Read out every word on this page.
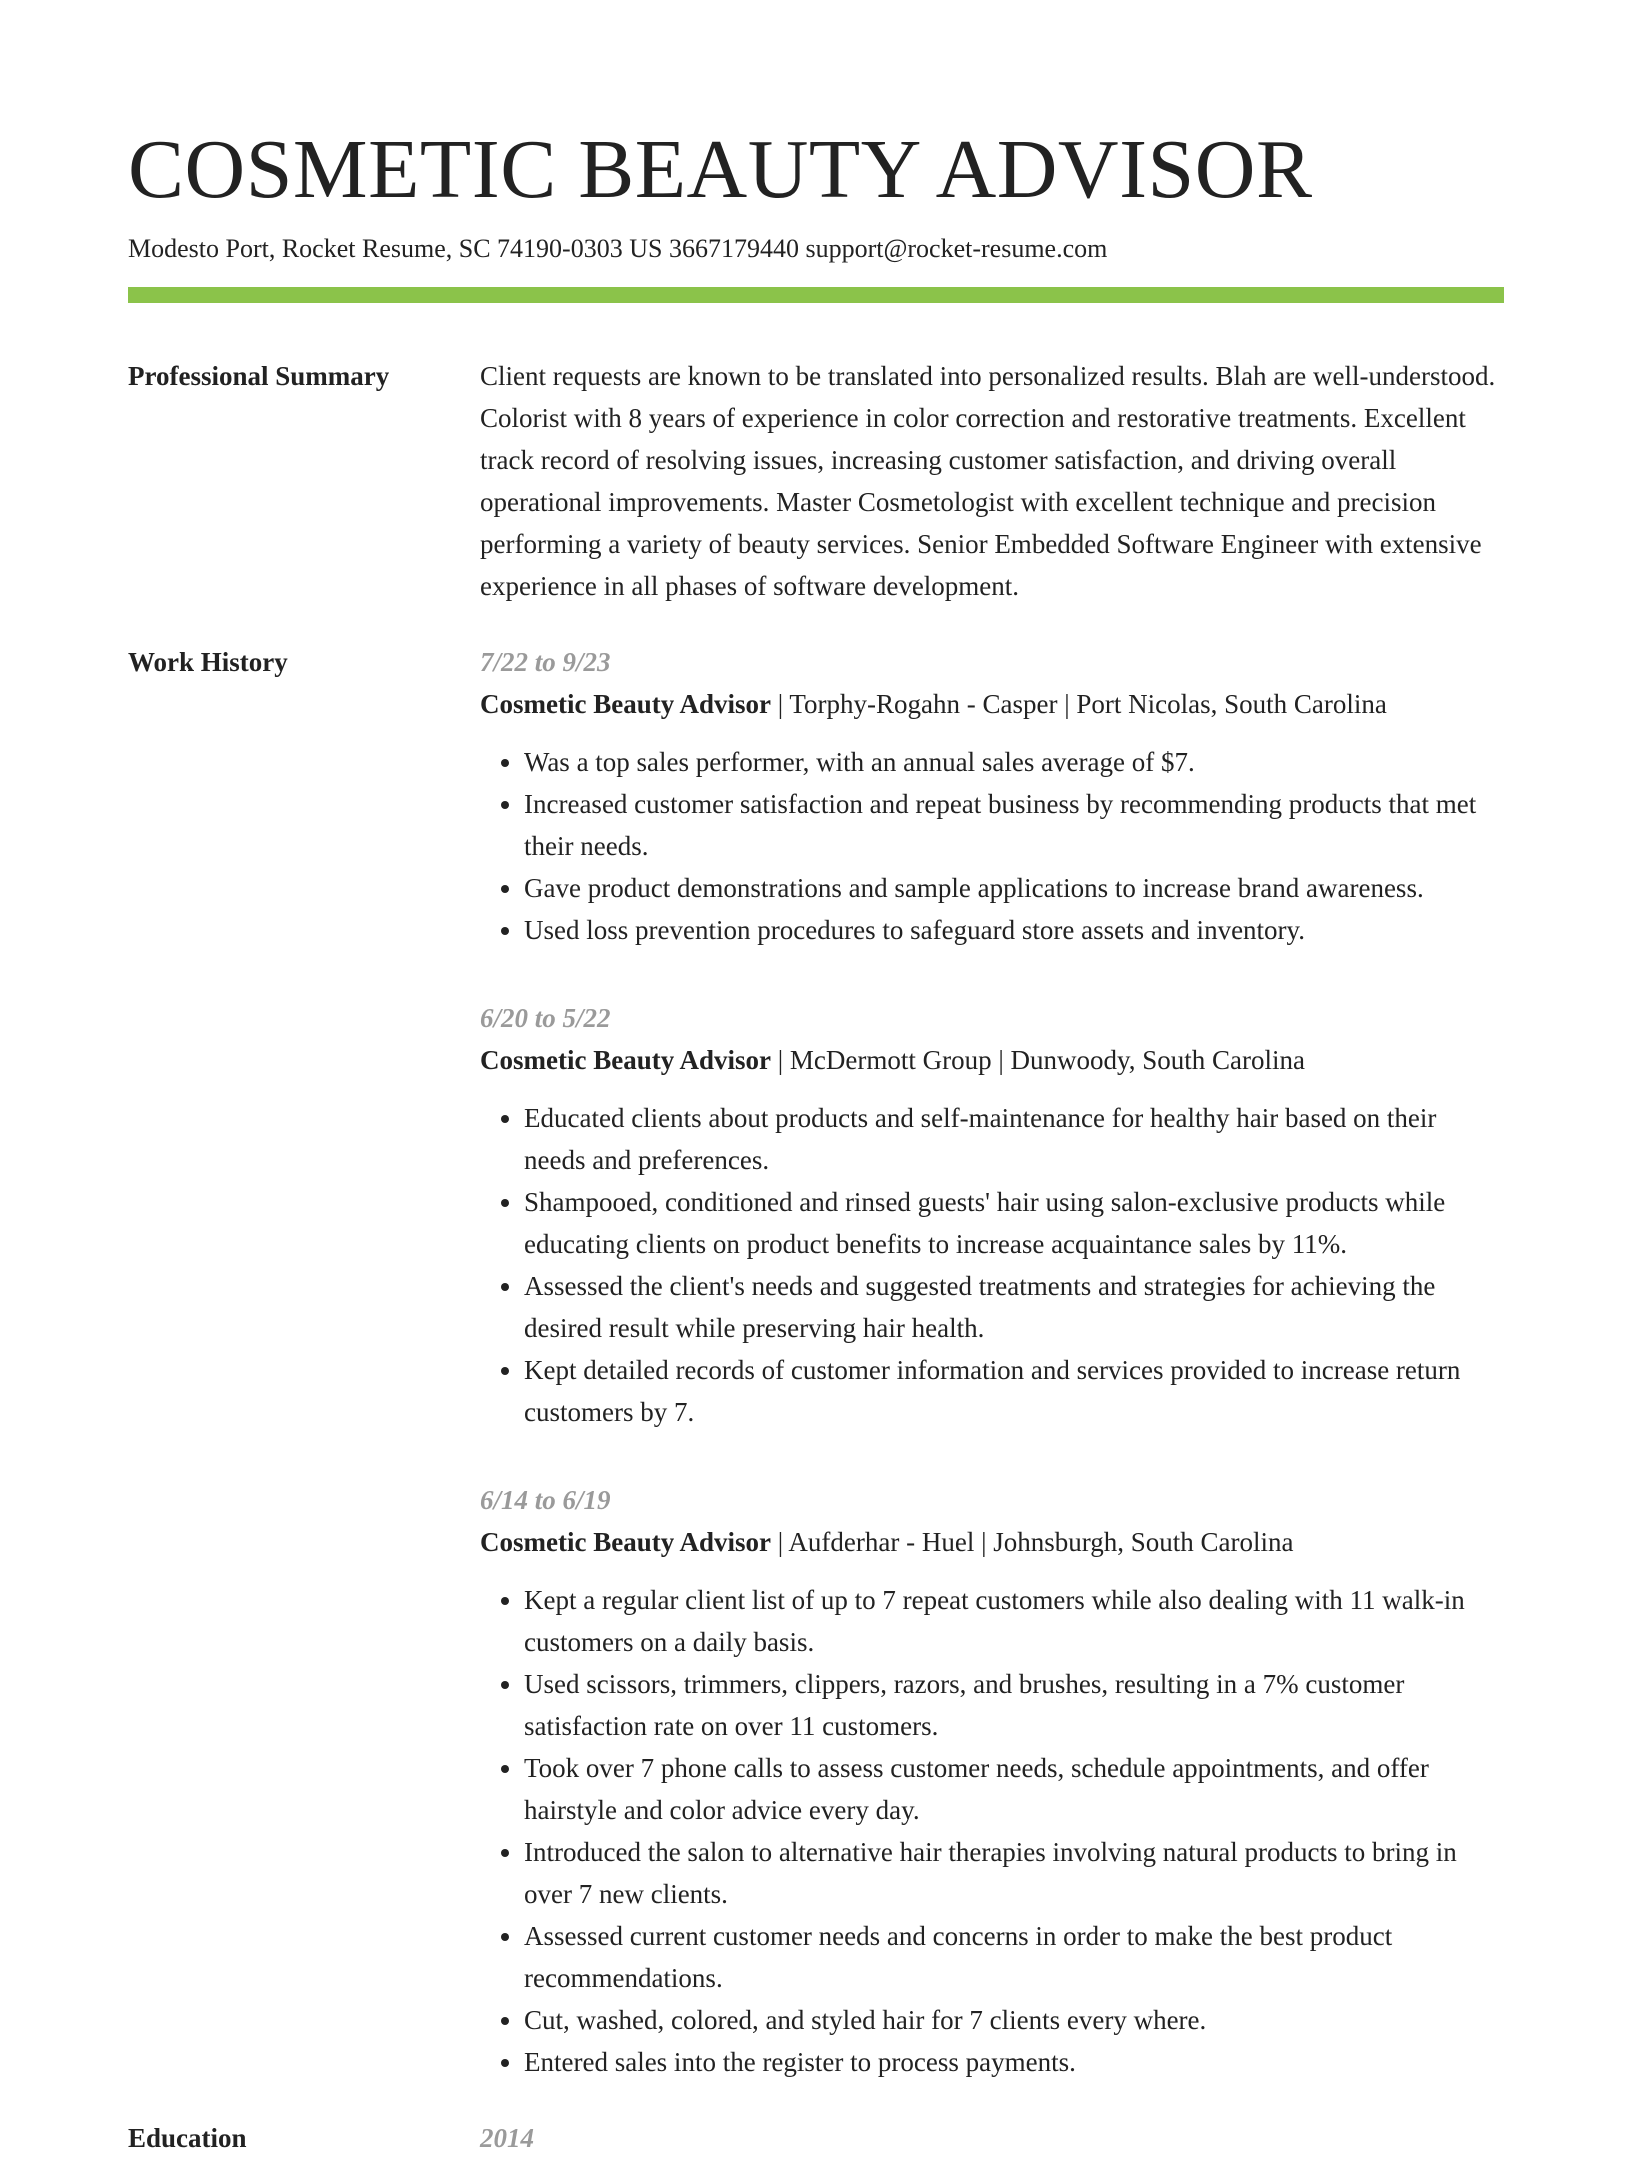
COSMETIC BEAUTY ADVISOR
Modesto Port, Rocket Resume, SC 74190-0303 US 3667179440 support@rocket-resume.com
Professional Summary	Client requests are known to be translated into personalized results. Blah are well-understood. Colorist with 8 years of experience in color correction and restorative treatments. Excellent track record of resolving issues, increasing customer satisfaction, and driving overall operational improvements. Master Cosmetologist with excellent technique and precision performing a variety of beauty services. Senior Embedded Software Engineer with extensive experience in all phases of software development.

Work History	7/22 to 9/23
Cosmetic Beauty Advisor | Torphy-Rogahn - Casper | Port Nicolas, South Carolina
• Was a top sales performer, with an annual sales average of $7.
• Increased customer satisfaction and repeat business by recommending products that met their needs.
• Gave product demonstrations and sample applications to increase brand awareness.
• Used loss prevention procedures to safeguard store assets and inventory.
6/20 to 5/22
Cosmetic Beauty Advisor | McDermott Group | Dunwoody, South Carolina
• Educated clients about products and self-maintenance for healthy hair based on their needs and preferences.
• Shampooed, conditioned and rinsed guests' hair using salon-exclusive products while educating clients on product benefits to increase acquaintance sales by 11%.
• Assessed the client's needs and suggested treatments and strategies for achieving the desired result while preserving hair health.
• Kept detailed records of customer information and services provided to increase return customers by 7.
6/14 to 6/19
Cosmetic Beauty Advisor | Aufderhar - Huel | Johnsburgh, South Carolina
• Kept a regular client list of up to 7 repeat customers while also dealing with 11 walk-in customers on a daily basis.
• Used scissors, trimmers, clippers, razors, and brushes, resulting in a 7% customer satisfaction rate on over 11 customers.
• Took over 7 phone calls to assess customer needs, schedule appointments, and offer hairstyle and color advice every day.
• Introduced the salon to alternative hair therapies involving natural products to bring in over 7 new clients.
• Assessed current customer needs and concerns in order to make the best product recommendations.
• Cut, washed, colored, and styled hair for 7 clients every where.
• Entered sales into the register to process payments.
Education	2014
